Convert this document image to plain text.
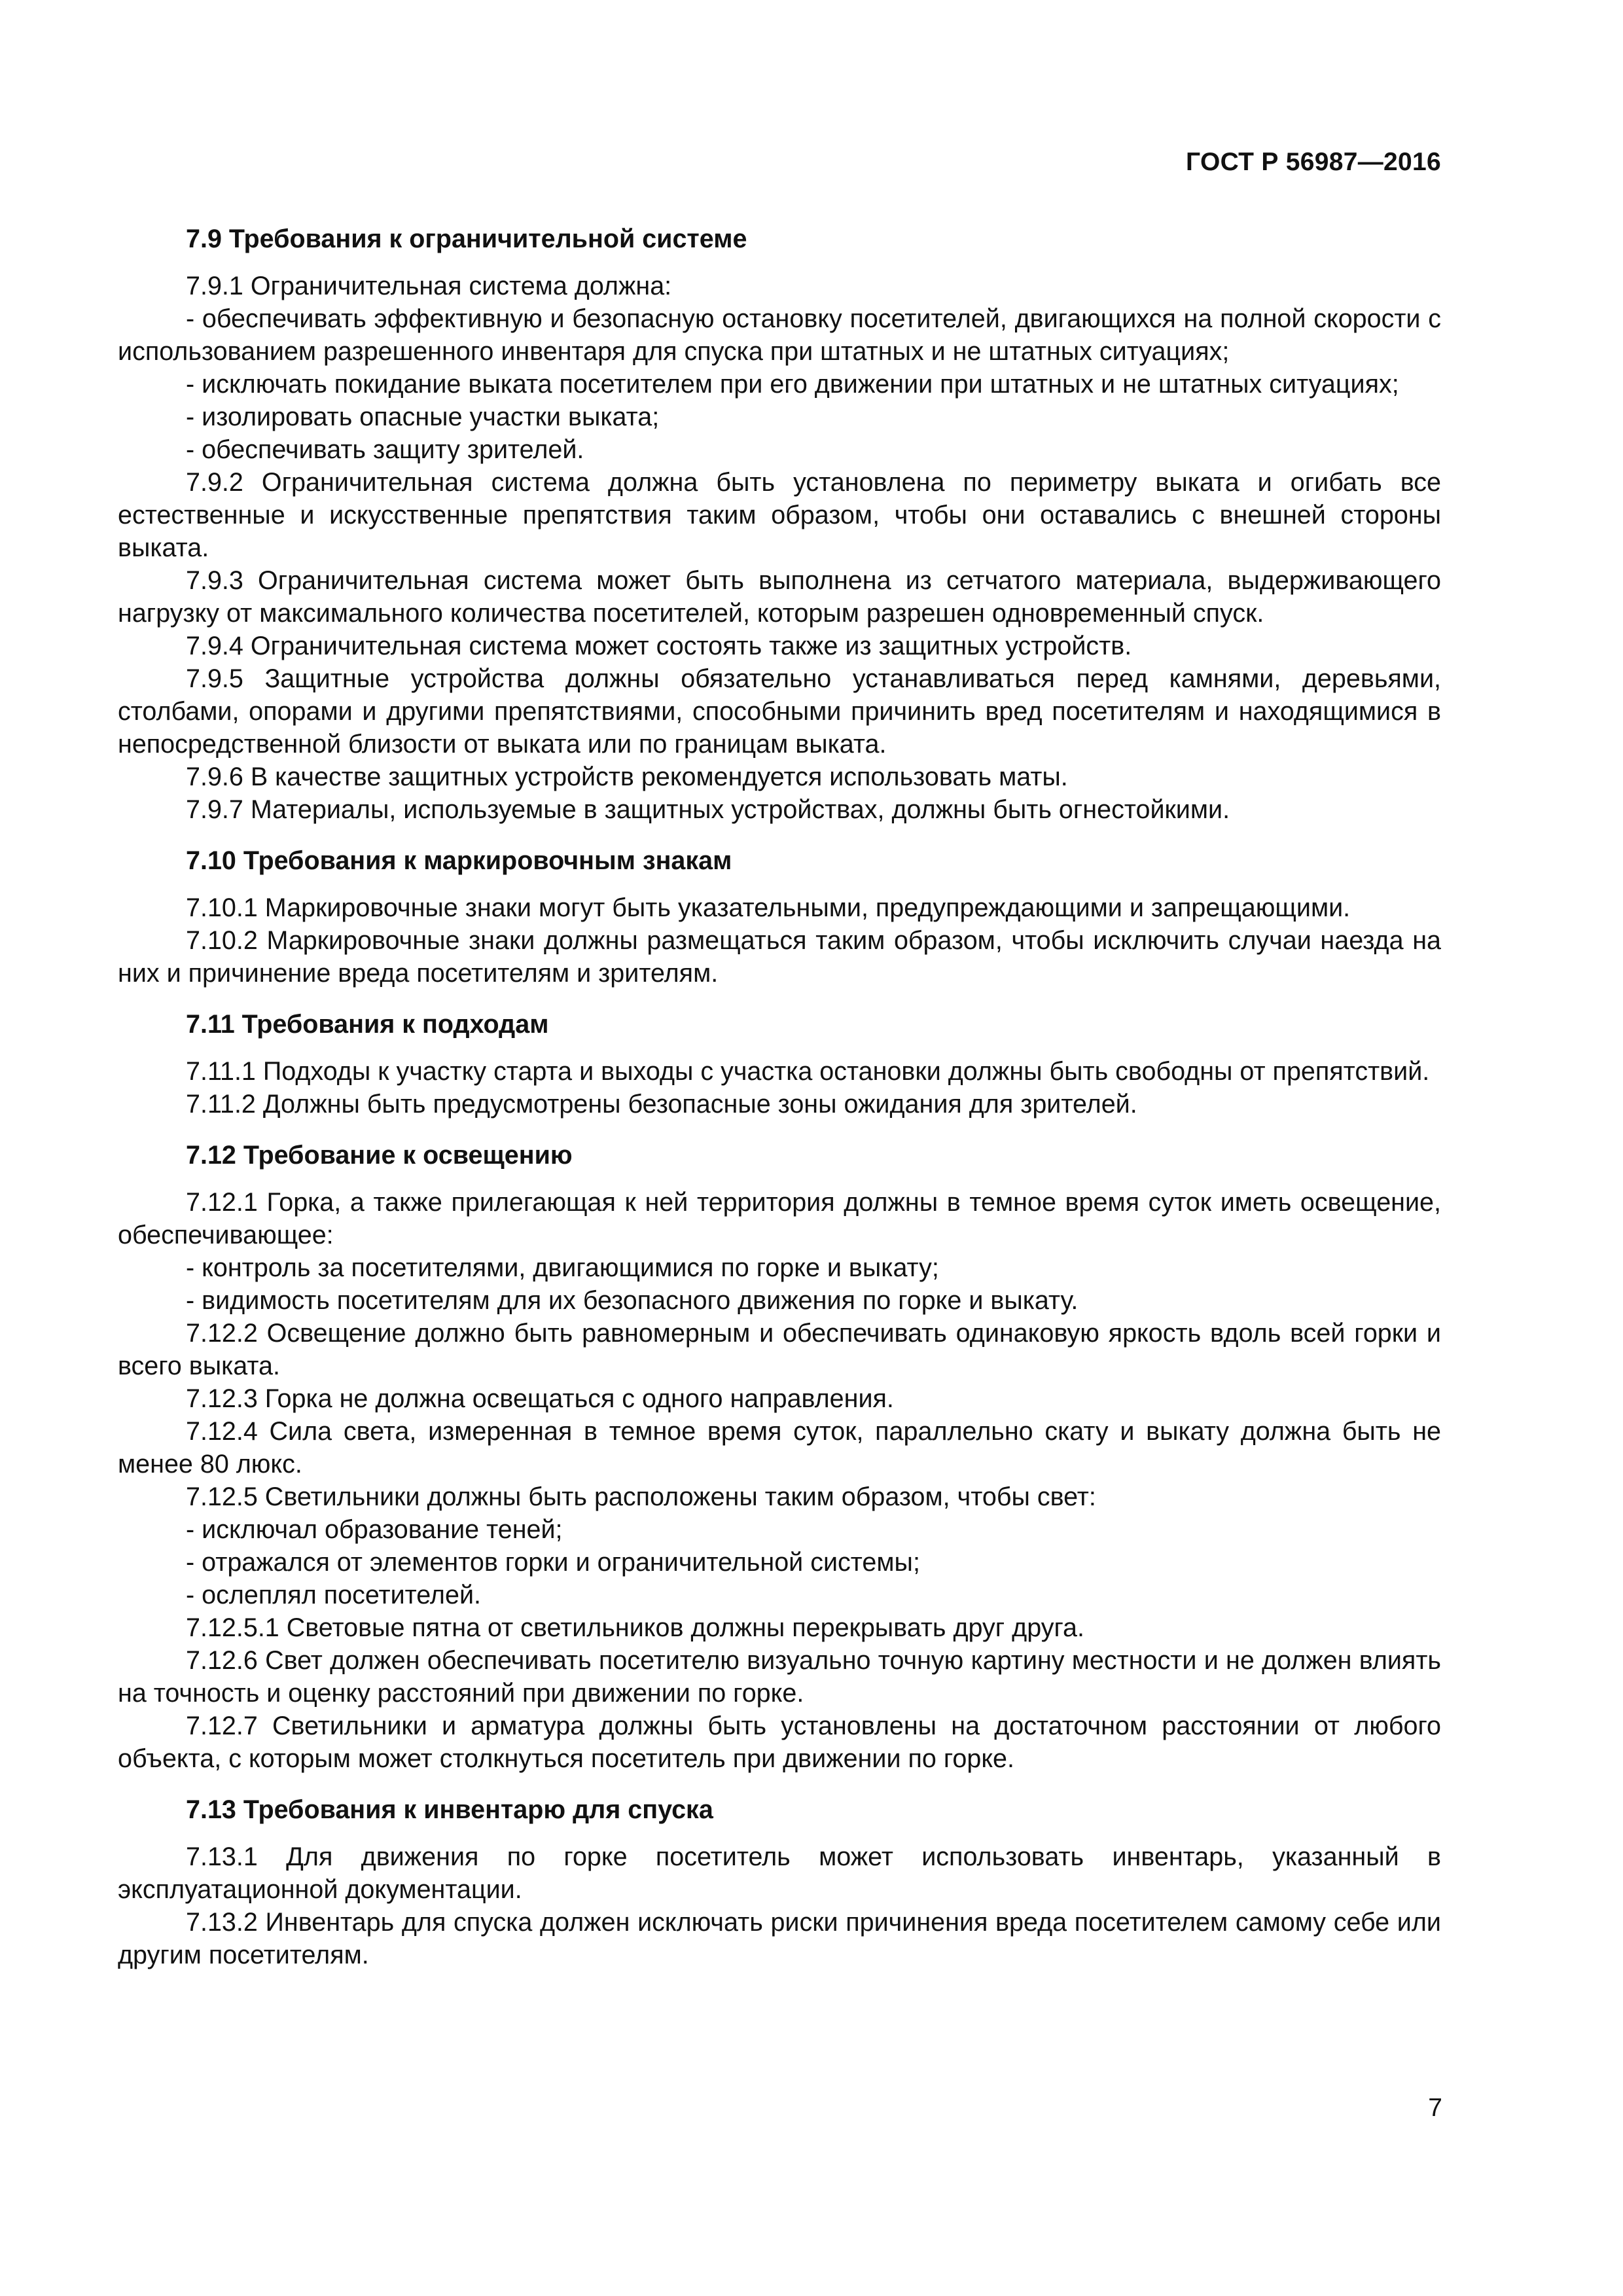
ГОСТ Р 56987—2016
7.9 Требования к ограничительной системе

7.9.1 Ограничительная система должна:

- обеспечивать эффективную и безопасную остановку посетителей, двигающихся на полной скорости с использованием разрешенного инвентаря для спуска при штатных и не штатных ситуациях;

- исключать покидание выката посетителем при его движении при штатных и не штатных ситуациях;

- изолировать опасные участки выката;

- обеспечивать защиту зрителей.

7.9.2 Ограничительная система должна быть установлена по периметру выката и огибать все естественные и искусственные препятствия таким образом, чтобы они оставались с внешней стороны выката.

7.9.3 Ограничительная система может быть выполнена из сетчатого материала, выдерживающего нагрузку от максимального количества посетителей, которым разрешен одновременный спуск.

7.9.4 Ограничительная система может состоять также из защитных устройств.

7.9.5 Защитные устройства должны обязательно устанавливаться перед камнями, деревьями, столбами, опорами и другими препятствиями, способными причинить вред посетителям и находящимися в непосредственной близости от выката или по границам выката.

7.9.6 В качестве защитных устройств рекомендуется использовать маты.

7.9.7 Материалы, используемые в защитных устройствах, должны быть огнестойкими.

7.10 Требования к маркировочным знакам

7.10.1 Маркировочные знаки могут быть указательными, предупреждающими и запрещающими.

7.10.2 Маркировочные знаки должны размещаться таким образом, чтобы исключить случаи наезда на них и причинение вреда посетителям и зрителям.

7.11 Требования к подходам

7.11.1 Подходы к участку старта и выходы с участка остановки должны быть свободны от препятствий.

7.11.2 Должны быть предусмотрены безопасные зоны ожидания для зрителей.

7.12 Требование к освещению

7.12.1 Горка, а также прилегающая к ней территория должны в темное время суток иметь освещение, обеспечивающее:

- контроль за посетителями, двигающимися по горке и выкату;

- видимость посетителям для их безопасного движения по горке и выкату.

7.12.2 Освещение должно быть равномерным и обеспечивать одинаковую яркость вдоль всей горки и всего выката.

7.12.3 Горка не должна освещаться с одного направления.

7.12.4 Сила света, измеренная в темное время суток, параллельно скату и выкату должна быть не менее 80 люкс.

7.12.5 Светильники должны быть расположены таким образом, чтобы свет:

- исключал образование теней;

- отражался от элементов горки и ограничительной системы;

- ослеплял посетителей.

7.12.5.1 Световые пятна от светильников должны перекрывать друг друга.

7.12.6 Свет должен обеспечивать посетителю визуально точную картину местности и не должен влиять на точность и оценку расстояний при движении по горке.

7.12.7 Светильники и арматура должны быть установлены на достаточном расстоянии от любого объекта, с которым может столкнуться посетитель при движении по горке.

7.13 Требования к инвентарю для спуска

7.13.1 Для движения по горке посетитель может использовать инвентарь, указанный в эксплуатационной документации.

7.13.2 Инвентарь для спуска должен исключать риски причинения вреда посетителем самому себе или другим посетителям.

7
